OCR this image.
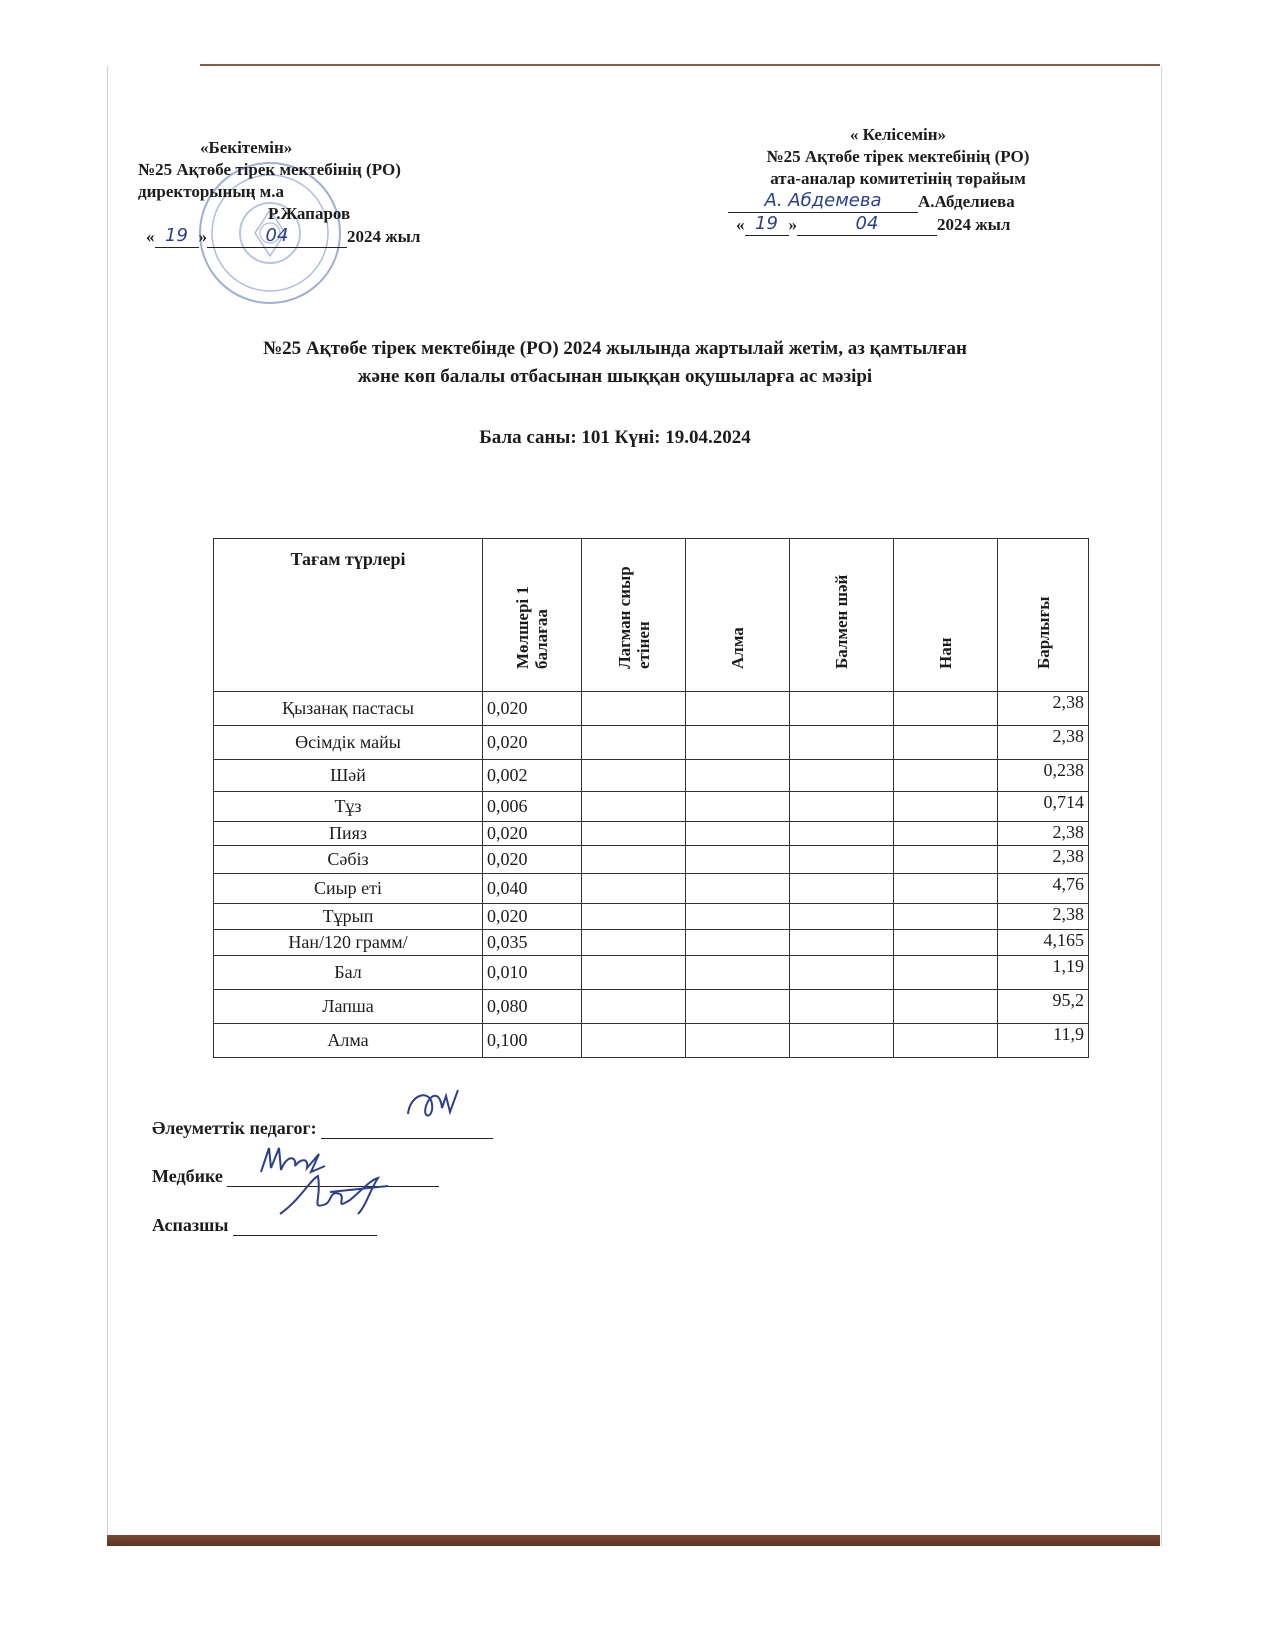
«Бекітемін»
№25 Ақтөбе тірек мектебінің (РО)
директорының м.а
Р.Жапаров
« 19 »	04	2024 жыл
« Келісемін»
№25 Ақтөбе тірек мектебінің (РО)
ата-аналар комитетінің төрайым
А. Абдемева А.Абделиева
« 19 »	04	2024 жыл
№25 Ақтөбе тірек мектебінде (РО) 2024 жылында жартылай жетім, аз қамтылған
және көп балалы отбасынан шыққан оқушыларға ас мәзірі
Бала саны: 101 Күні: 19.04.2024
Тағам түрлері	Мөлшері 1 балағаа	Лагман сиыр етінен	Алма	Балмен шәй	Нан	Барлығы
Қызанақ пастасы	0,020					2,38
Өсімдік майы	0,020					2,38
Шәй	0,002					0,238
Тұз	0,006					0,714
Пияз	0,020					2,38
Сәбіз	0,020					2,38
Сиыр еті	0,040					4,76
Тұрып	0,020					2,38
Нан/120 грамм/	0,035					4,165
Бал	0,010					1,19
Лапша	0,080					95,2
Алма	0,100					11,9
Әлеуметтік педагог:
Медбике
Аспазшы
